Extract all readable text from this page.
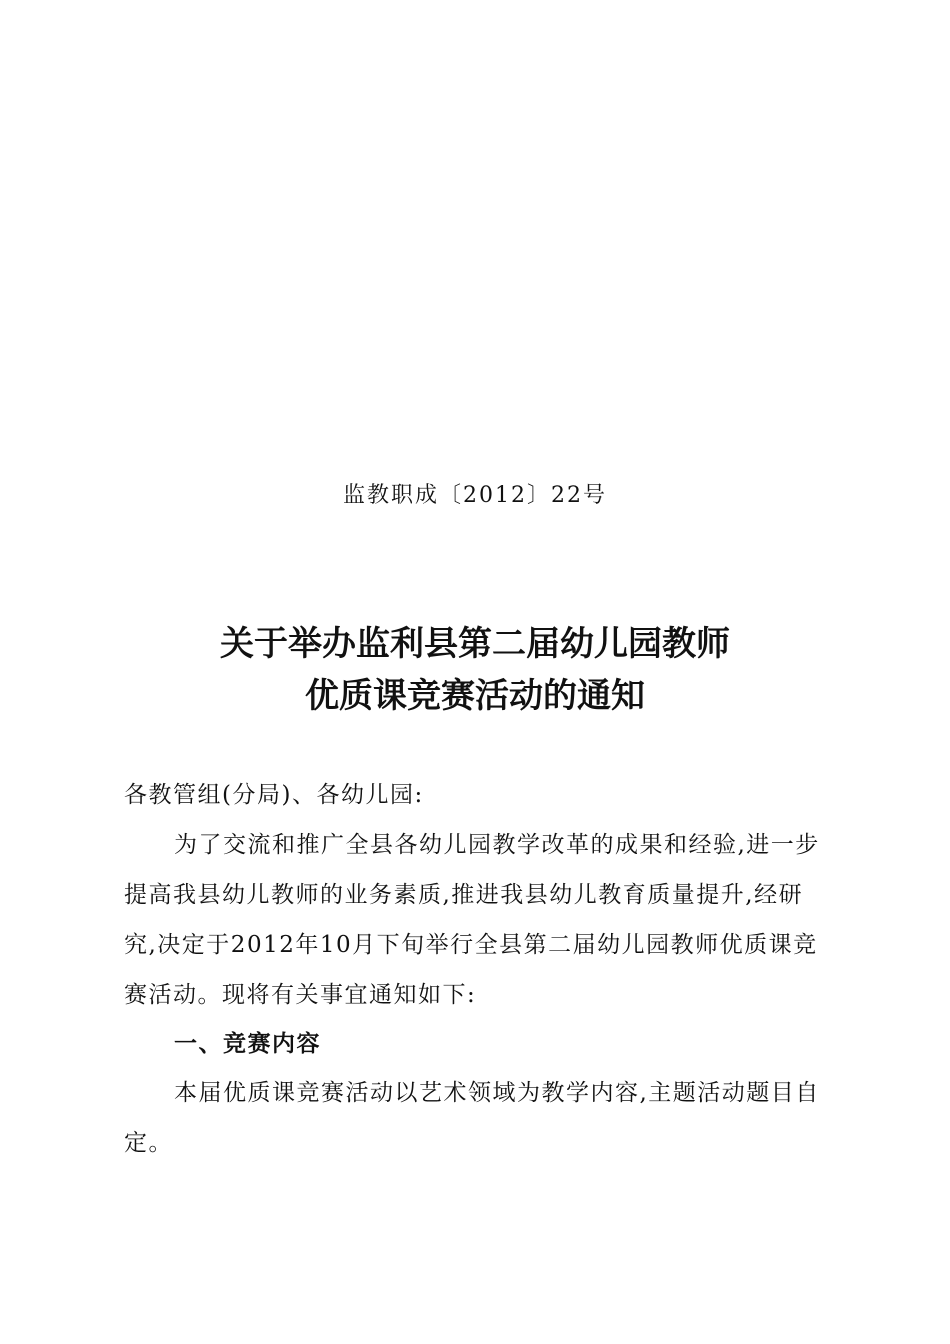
监教职成〔2012〕22号
关于举办监利县第二届幼儿园教师
优质课竞赛活动的通知
各教管组(分局)、各幼儿园:
为了交流和推广全县各幼儿园教学改革的成果和经验,进一步提高我县幼儿教师的业务素质,推进我县幼儿教育质量提升,经研究,决定于2012年10月下旬举行全县第二届幼儿园教师优质课竞赛活动。现将有关事宜通知如下:
一、竞赛内容
本届优质课竞赛活动以艺术领域为教学内容,主题活动题目自定。
